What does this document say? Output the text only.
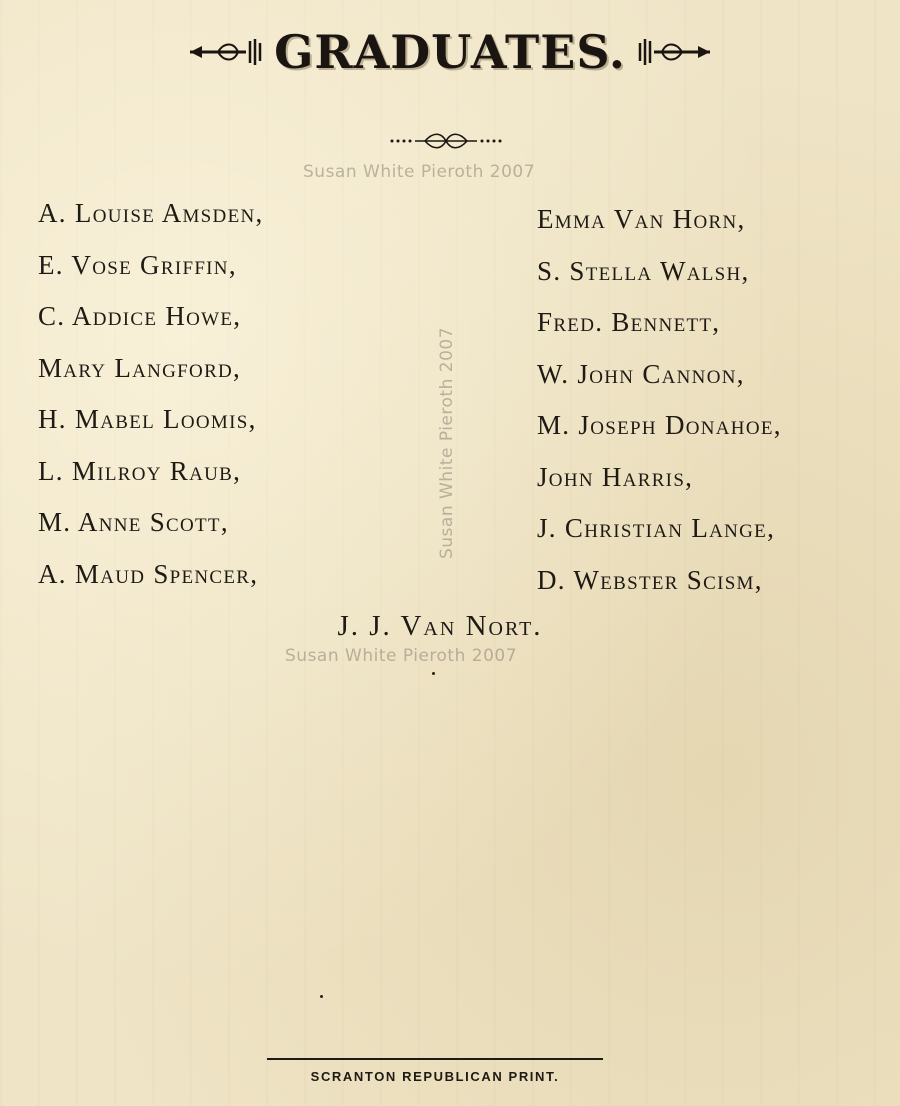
GRADUATES.
Susan White Pieroth 2007
Susan White Pieroth 2007
Susan White Pieroth 2007
A. Louise Amsden,
E. Vose Griffin,
C. Addice Howe,
Mary Langford,
H. Mabel Loomis,
L. Milroy Raub,
M. Anne Scott,
A. Maud Spencer,
Emma Van Horn,
S. Stella Walsh,
Fred. Bennett,
W. John Cannon,
M. Joseph Donahoe,
John Harris,
J. Christian Lange,
D. Webster Scism,
J. J. Van Nort.
SCRANTON REPUBLICAN PRINT.
